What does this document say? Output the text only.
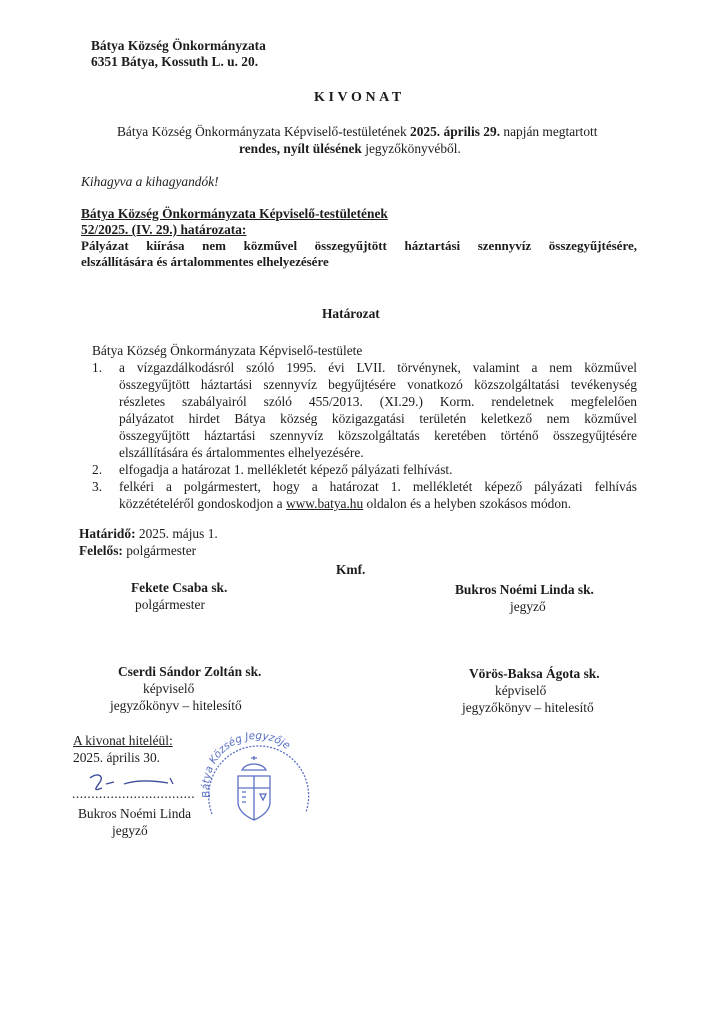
Bátya Község Önkormányzata
6351 Bátya, Kossuth L. u. 20.
KIVONAT
Bátya Község Önkormányzata Képviselő-testületének 2025. április 29. napján megtartott
rendes, nyílt ülésének jegyzőkönyvéből.
Kihagyva a kihagyandók!
Bátya Község Önkormányzata Képviselő-testületének
52/2025. (IV. 29.) határozata:
Pályázat kiírása nem közművel összegyűjtött háztartási szennyvíz összegyűjtésére,
elszállítására és ártalommentes elhelyezésére
Határozat
Bátya Község Önkormányzata Képviselő-testülete
1. a vízgazdálkodásról szóló 1995. évi LVII. törvénynek, valamint a nem közművel
összegyűjtött háztartási szennyvíz begyűjtésére vonatkozó közszolgáltatási tevékenység
részletes szabályairól szóló 455/2013. (XI.29.) Korm. rendeletnek megfelelően
pályázatot hirdet Bátya község közigazgatási területén keletkező nem közművel
összegyűjtött háztartási szennyvíz közszolgáltatás keretében történő összegyűjtésére
elszállítására és ártalommentes elhelyezésére.
2. elfogadja a határozat 1. mellékletét képező pályázati felhívást.
3. felkéri a polgármestert, hogy a határozat 1. mellékletét képező pályázati felhívás
közzétételéről gondoskodjon a www.batya.hu oldalon és a helyben szokásos módon.
Határidő: 2025. május 1.
Felelős: polgármester
Kmf.
Fekete Csaba sk.
polgármester
Bukros Noémi Linda sk.
jegyző
Cserdi Sándor Zoltán sk.
képviselő
jegyzőkönyv – hitelesítő
Vörös-Baksa Ágota sk.
képviselő
jegyzőkönyv – hitelesítő
A kivonat hiteléül:
2025. április 30.
................................
Bukros Noémi Linda
jegyző
Bátya Község Jegyzője
